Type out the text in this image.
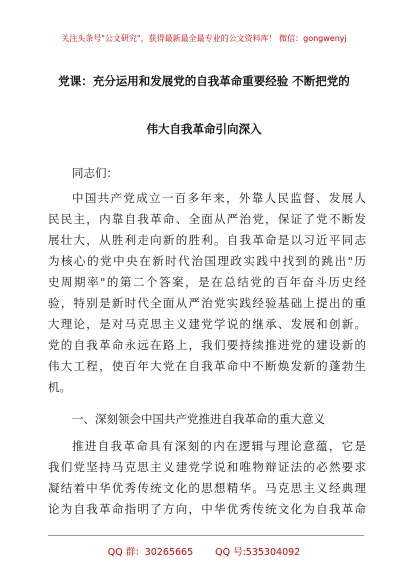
关注头条号"公文研究"，获得最新最全最专业的公文资料库！ 微信：gongwenyj
党课：充分运用和发展党的自我革命重要经验 不断把党的
伟大自我革命引向深入
同志们：
中国共产党成立一百多年来，外靠人民监督、发展人
民民主，内靠自我革命、全面从严治党，保证了党不断发
展壮大，从胜利走向新的胜利。自我革命是以习近平同志
为核心的党中央在新时代治国理政实践中找到的跳出"历
史周期率"的第二个答案，是在总结党的百年奋斗历史经
验，特别是新时代全面从严治党实践经验基础上提出的重
大理论，是对马克思主义建党学说的继承、发展和创新。
党的自我革命永远在路上，我们要持续推进党的建设新的
伟大工程，使百年大党在自我革命中不断焕发新的蓬勃生
机。
一、深刻领会中国共产党推进自我革命的重大意义
推进自我革命具有深刻的内在逻辑与理论意蕴，它是
我们党坚持马克思主义建党学说和唯物辩证法的必然要求
凝结着中华优秀传统文化的思想精华。马克思主义经典理
论为自我革命指明了方向，中华优秀传统文化为自我革命
QQ 群：30265665 QQ 号:535304092
